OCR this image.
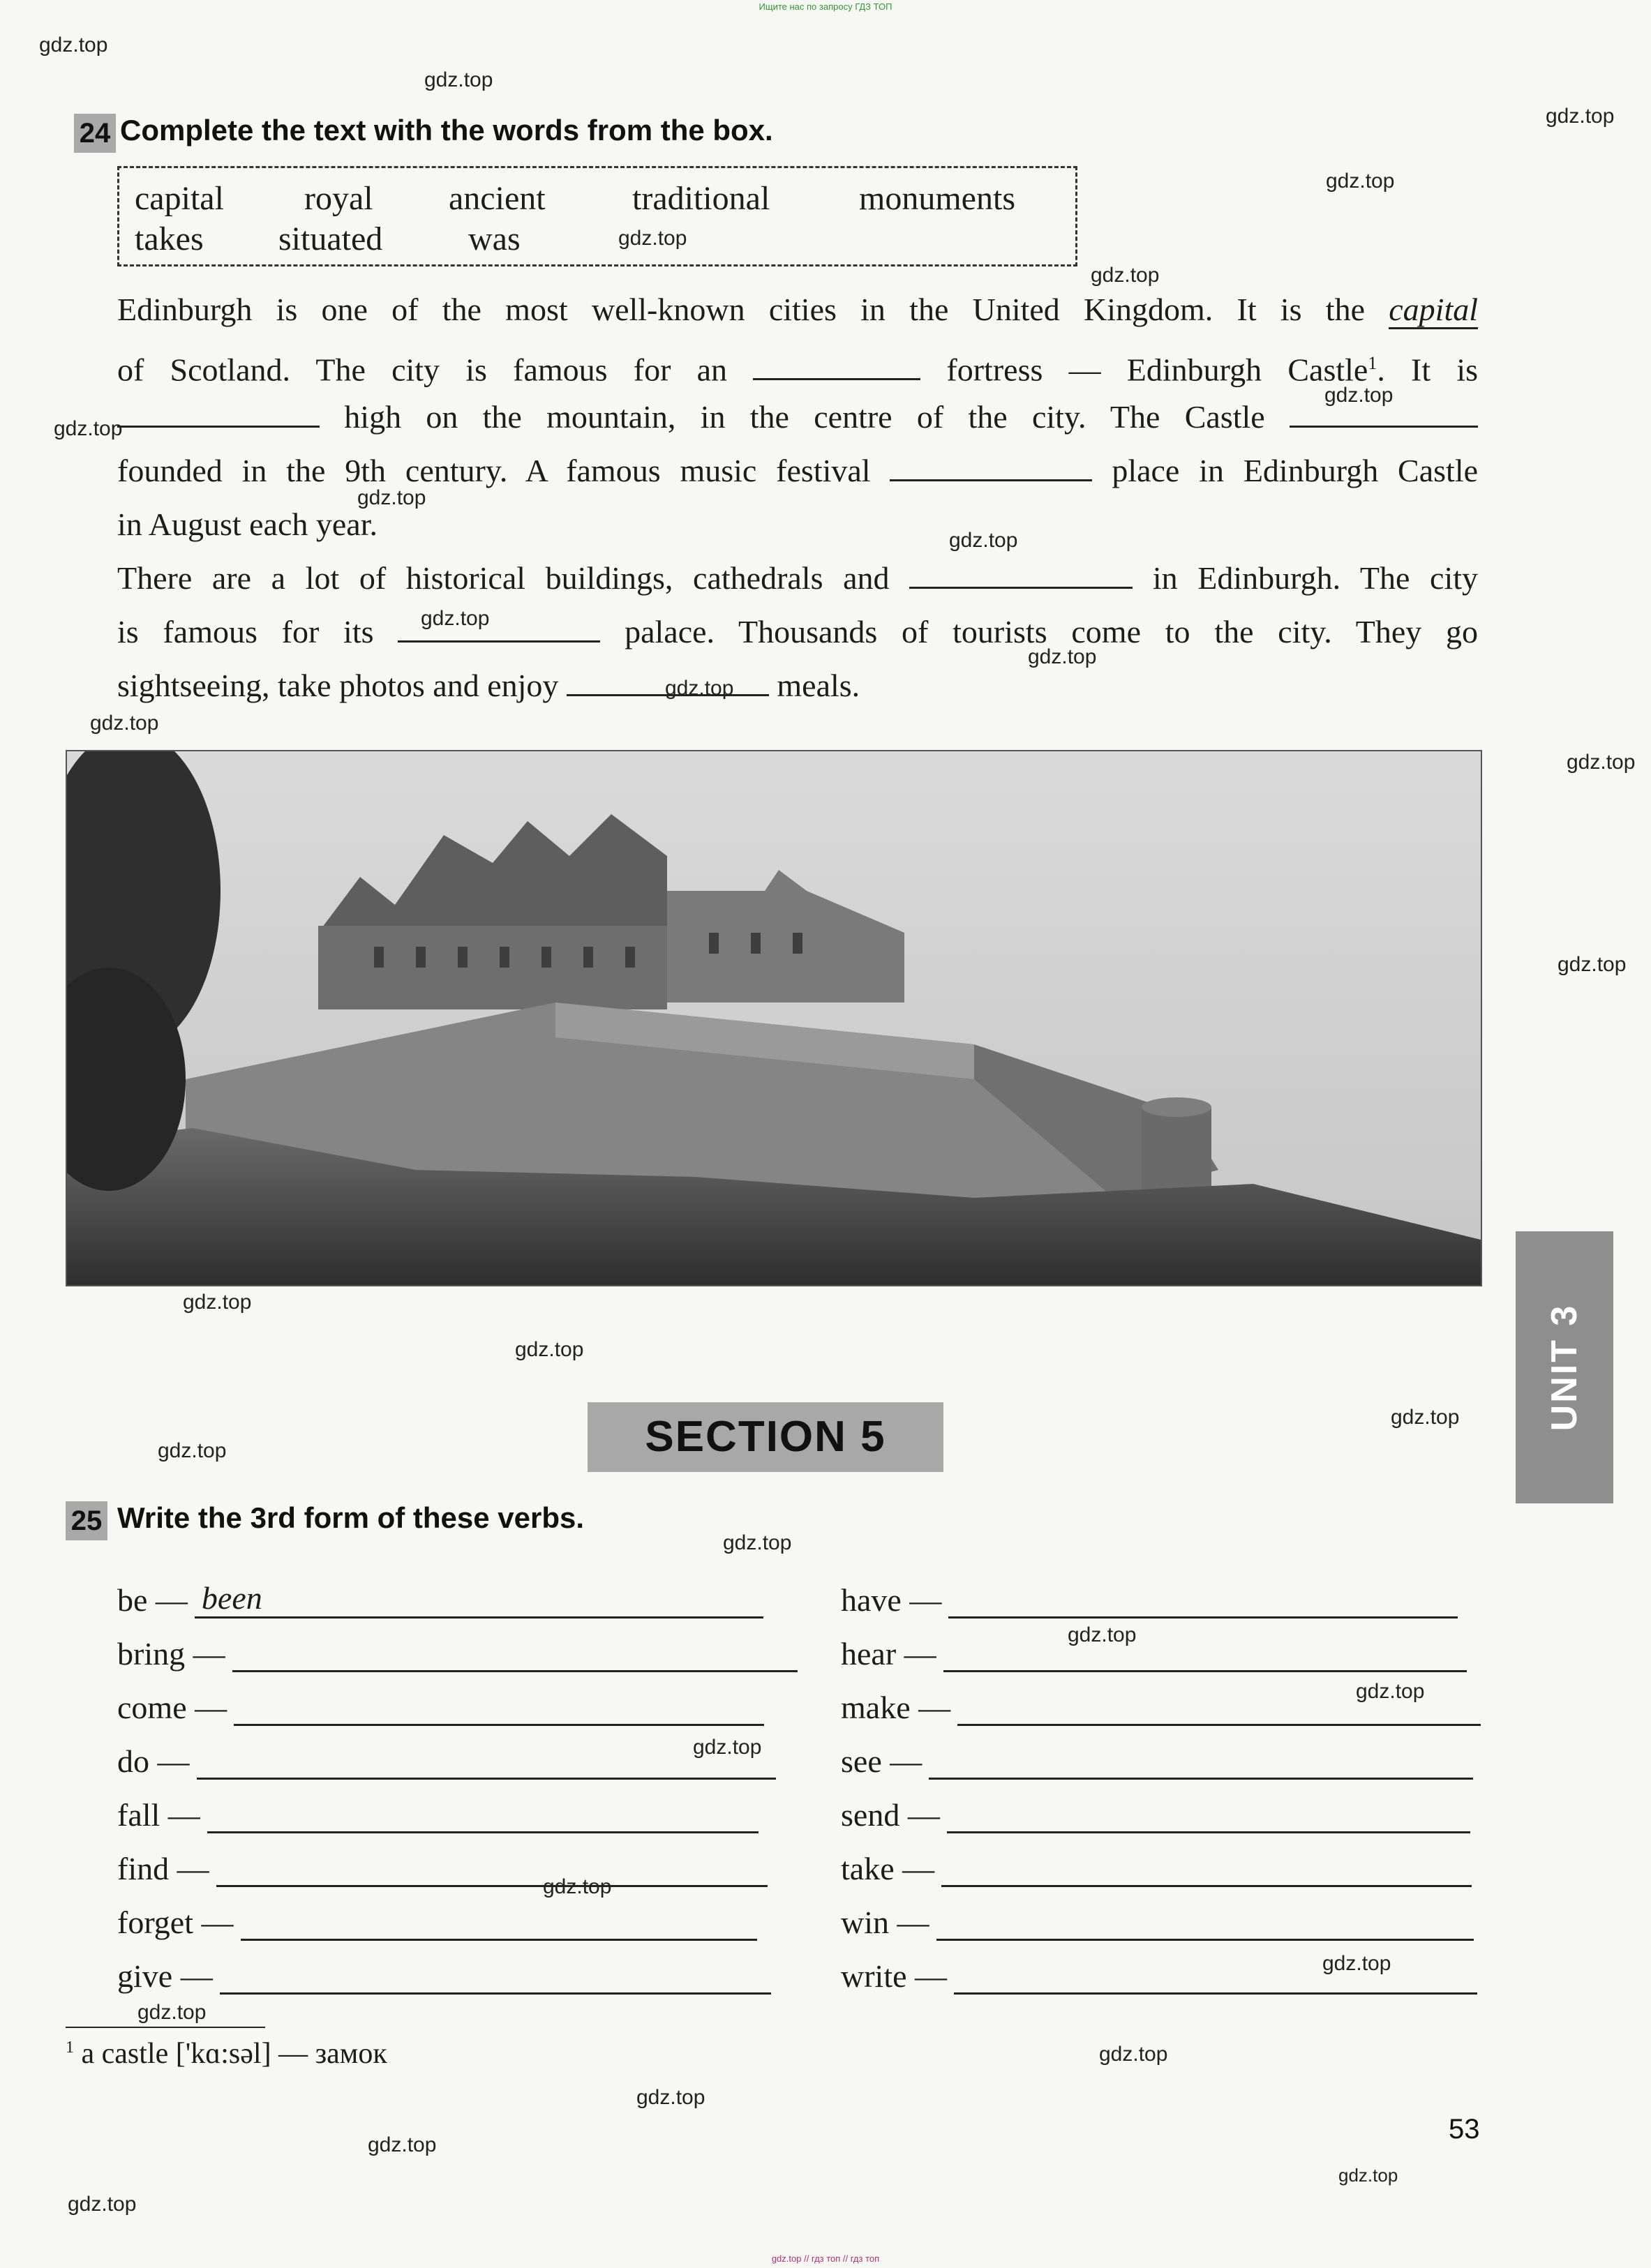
Ищите нас по запросу ГДЗ ТОП
gdz.top
gdz.top
gdz.top
gdz.top
gdz.top
gdz.top
gdz.top
gdz.top
gdz.top
gdz.top
gdz.top
gdz.top
gdz.top
gdz.top
gdz.top
gdz.top
gdz.top
gdz.top
gdz.top
gdz.top
gdz.top
gdz.top
gdz.top
gdz.top
gdz.top
gdz.top
gdz.top
gdz.top
gdz.top
gdz.top
gdz.top
gdz.top
24 Complete the text with the words from the box.
capital royal ancient	traditional	monuments
takes situated	was
Edinburgh is one of the most well-known cities in the United Kingdom. It is the capital
of Scotland. The city is famous for an	fortress — Edinburgh Castle$^1$. It is
high on the mountain, in the centre of the city. The Castle
founded in the 9th century. A famous music festival	place in Edinburgh Castle
in August each year.
There are a lot of historical buildings, cathedrals and	in Edinburgh. The city
is famous for its	palace. Thousands of tourists come to the city. They go
sightseeing, take photos and enjoy	meals.
SECTION 5
UNIT 3
25 Write the 3rd form of these verbs.
be — been
bring —
come —
do —
fall —
find —
forget —
give —
have —
hear —
make —
see —
send —
take —
win —
write —
$^1$ a castle ['kɑ:səl] — замок
53
gdz.top // гдз топ // гдз топ
